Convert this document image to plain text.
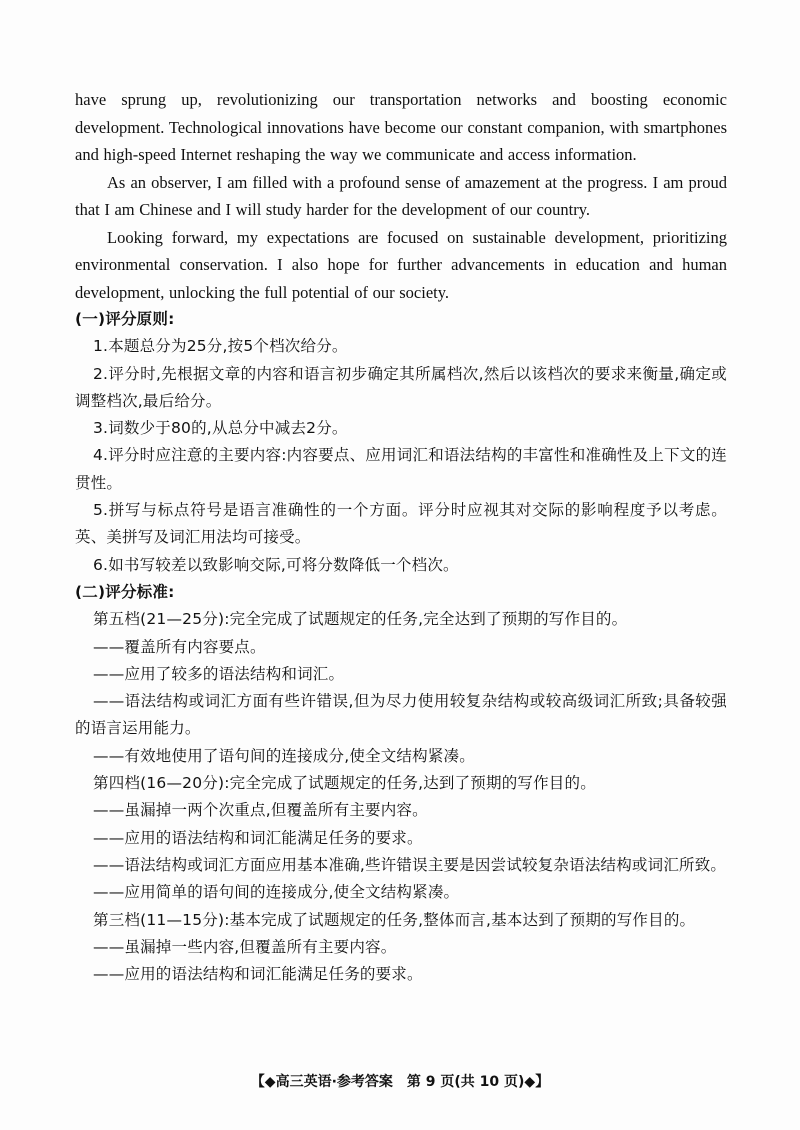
have sprung up, revolutionizing our transportation networks and boosting economic development. Technological innovations have become our constant companion, with smartphones and high-speed Internet reshaping the way we communicate and access information.

As an observer, I am filled with a profound sense of amazement at the progress. I am proud that I am Chinese and I will study harder for the development of our country.

Looking forward, my expectations are focused on sustainable development, prioritizing environmental conservation. I also hope for further advancements in education and human development, unlocking the full potential of our society.

(一)评分原则:

1.本题总分为25分,按5个档次给分。

2.评分时,先根据文章的内容和语言初步确定其所属档次,然后以该档次的要求来衡量,确定或调整档次,最后给分。

3.词数少于80的,从总分中减去2分。

4.评分时应注意的主要内容:内容要点、应用词汇和语法结构的丰富性和准确性及上下文的连贯性。

5.拼写与标点符号是语言准确性的一个方面。评分时应视其对交际的影响程度予以考虑。英、美拼写及词汇用法均可接受。

6.如书写较差以致影响交际,可将分数降低一个档次。

(二)评分标准:

第五档(21—25分):完全完成了试题规定的任务,完全达到了预期的写作目的。

——覆盖所有内容要点。

——应用了较多的语法结构和词汇。

——语法结构或词汇方面有些许错误,但为尽力使用较复杂结构或较高级词汇所致;具备较强的语言运用能力。

——有效地使用了语句间的连接成分,使全文结构紧凑。

第四档(16—20分):完全完成了试题规定的任务,达到了预期的写作目的。

——虽漏掉一两个次重点,但覆盖所有主要内容。

——应用的语法结构和词汇能满足任务的要求。

——语法结构或词汇方面应用基本准确,些许错误主要是因尝试较复杂语法结构或词汇所致。

——应用简单的语句间的连接成分,使全文结构紧凑。

第三档(11—15分):基本完成了试题规定的任务,整体而言,基本达到了预期的写作目的。

——虽漏掉一些内容,但覆盖所有主要内容。

——应用的语法结构和词汇能满足任务的要求。

【◆高三英语·参考答案　第 9 页(共 10 页)◆】
